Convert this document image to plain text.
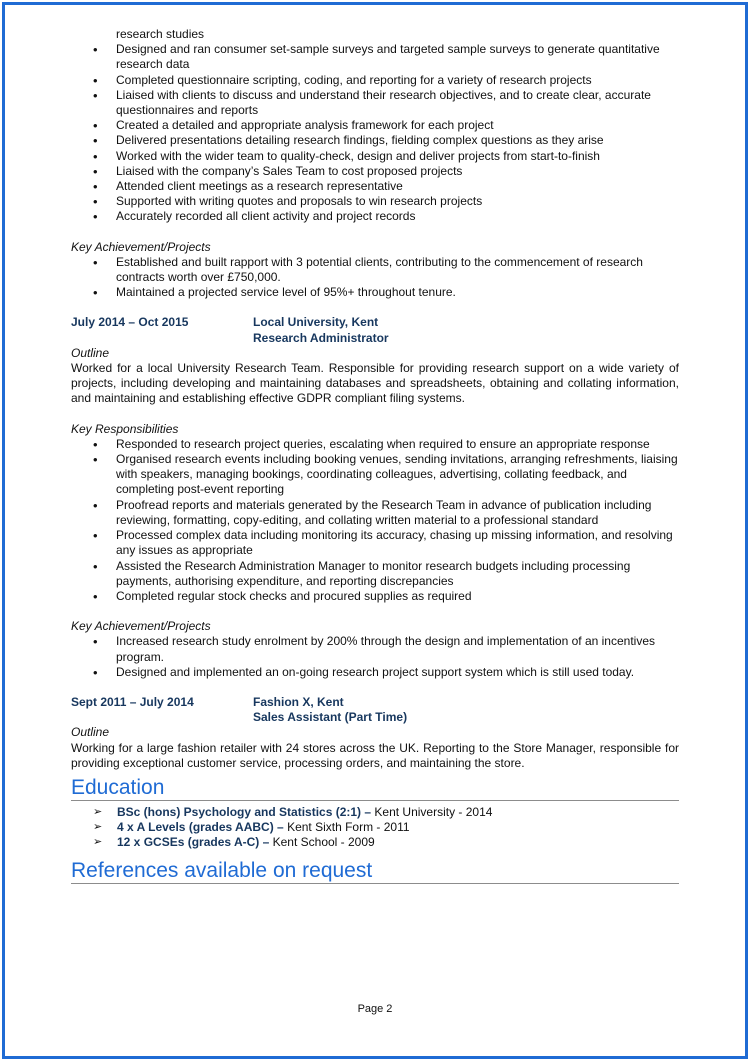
research studies
• Designed and ran consumer set-sample surveys and targeted sample surveys to generate quantitative research data
• Completed questionnaire scripting, coding, and reporting for a variety of research projects
• Liaised with clients to discuss and understand their research objectives, and to create clear, accurate questionnaires and reports
• Created a detailed and appropriate analysis framework for each project
• Delivered presentations detailing research findings, fielding complex questions as they arise
• Worked with the wider team to quality-check, design and deliver projects from start-to-finish
• Liaised with the company’s Sales Team to cost proposed projects
• Attended client meetings as a research representative
• Supported with writing quotes and proposals to win research projects
• Accurately recorded all client activity and project records
Key Achievement/Projects
• Established and built rapport with 3 potential clients, contributing to the commencement of research contracts worth over £750,000.
• Maintained a projected service level of 95%+ throughout tenure.
July 2014 – Oct 2015	Local University, Kent
Research Administrator
Outline
Worked for a local University Research Team. Responsible for providing research support on a wide variety of projects, including developing and maintaining databases and spreadsheets, obtaining and collating information, and maintaining and establishing effective GDPR compliant filing systems.
Key Responsibilities
• Responded to research project queries, escalating when required to ensure an appropriate response
• Organised research events including booking venues, sending invitations, arranging refreshments, liaising with speakers, managing bookings, coordinating colleagues, advertising, collating feedback, and completing post-event reporting
• Proofread reports and materials generated by the Research Team in advance of publication including reviewing, formatting, copy-editing, and collating written material to a professional standard
• Processed complex data including monitoring its accuracy, chasing up missing information, and resolving any issues as appropriate
• Assisted the Research Administration Manager to monitor research budgets including processing payments, authorising expenditure, and reporting discrepancies
• Completed regular stock checks and procured supplies as required
Key Achievement/Projects
• Increased research study enrolment by 200% through the design and implementation of an incentives program.
• Designed and implemented an on-going research project support system which is still used today.
Sept 2011 – July 2014	Fashion X, Kent
Sales Assistant (Part Time)
Outline
Working for a large fashion retailer with 24 stores across the UK. Reporting to the Store Manager, responsible for providing exceptional customer service, processing orders, and maintaining the store.
Education
➢ BSc (hons) Psychology and Statistics (2:1) – Kent University - 2014
➢ 4 x A Levels (grades AABC) – Kent Sixth Form - 2011
➢ 12 x GCSEs (grades A-C) – Kent School - 2009
References available on request
Page 2
